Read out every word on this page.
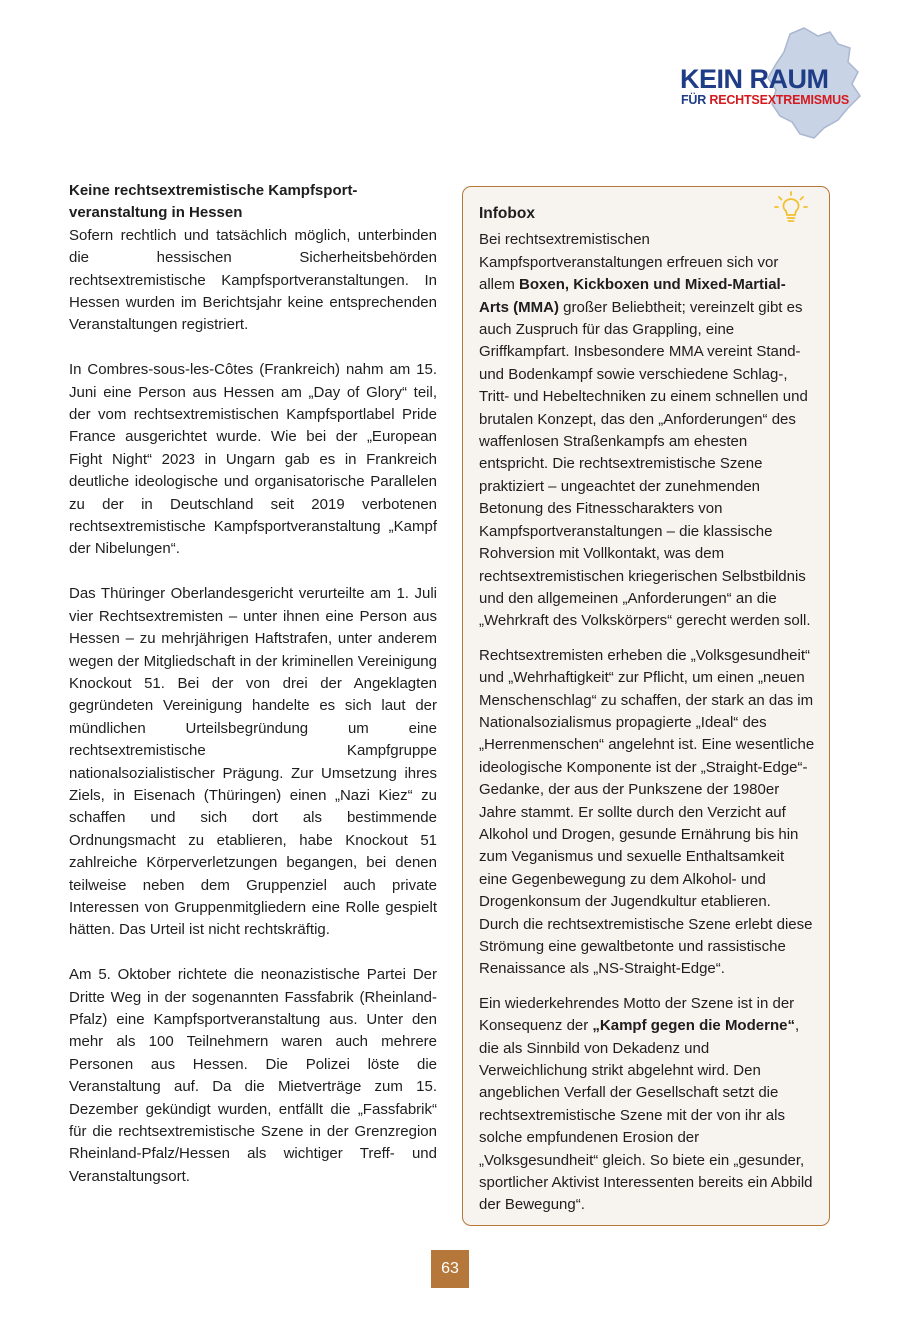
KEIN RAUM
FÜR RECHTSEXTREMISMUS
Keine rechtsextremistische Kampfsport-veranstaltung in Hessen

Sofern rechtlich und tatsächlich möglich, unterbinden die hessischen Sicherheitsbehörden rechtsextremistische Kampfsportveranstaltungen. In Hessen wurden im Berichtsjahr keine entsprechenden Veranstaltungen registriert.

In Combres-sous-les-Côtes (Frankreich) nahm am 15. Juni eine Person aus Hessen am „Day of Glory“ teil, der vom rechtsextremistischen Kampfsportlabel Pride France ausgerichtet wurde. Wie bei der „European Fight Night“ 2023 in Ungarn gab es in Frankreich deutliche ideologische und organisatorische Parallelen zu der in Deutschland seit 2019 verbotenen rechtsextremistische Kampfsportveranstaltung „Kampf der Nibelungen“.

Das Thüringer Oberlandesgericht verurteilte am 1. Juli vier Rechtsextremisten – unter ihnen eine Person aus Hessen – zu mehrjährigen Haftstrafen, unter anderem wegen der Mitgliedschaft in der kriminellen Vereinigung Knockout 51. Bei der von drei der Angeklagten gegründeten Vereinigung handelte es sich laut der mündlichen Urteilsbegründung um eine rechtsextremistische Kampfgruppe nationalsozialistischer Prägung. Zur Umsetzung ihres Ziels, in Eisenach (Thüringen) einen „Nazi Kiez“ zu schaffen und sich dort als bestimmende Ordnungsmacht zu etablieren, habe Knockout 51 zahlreiche Körperverletzungen begangen, bei denen teilweise neben dem Gruppenziel auch private Interessen von Gruppenmitgliedern eine Rolle gespielt hätten. Das Urteil ist nicht rechtskräftig.

Am 5. Oktober richtete die neonazistische Partei Der Dritte Weg in der sogenannten Fassfabrik (Rheinland-Pfalz) eine Kampfsportveranstaltung aus. Unter den mehr als 100 Teilnehmern waren auch mehrere Personen aus Hessen. Die Polizei löste die Veranstaltung auf. Da die Mietverträge zum 15. Dezember gekündigt wurden, entfällt die „Fassfabrik“ für die rechtsextremistische Szene in der Grenzregion Rheinland-Pfalz/Hessen als wichtiger Treff- und Veranstaltungsort.

Infobox

Bei rechtsextremistischen Kampfsportveranstaltungen erfreuen sich vor allem Boxen, Kickboxen und Mixed-Martial-Arts (MMA) großer Beliebtheit; vereinzelt gibt es auch Zuspruch für das Grappling, eine Griffkampfart. Insbesondere MMA vereint Stand- und Bodenkampf sowie verschiedene Schlag-, Tritt- und Hebeltechniken zu einem schnellen und brutalen Konzept, das den „Anforderungen“ des waffenlosen Straßenkampfs am ehesten entspricht. Die rechtsextremistische Szene praktiziert – ungeachtet der zunehmenden Betonung des Fitnesscharakters von Kampfsportveranstaltungen – die klassische Rohversion mit Vollkontakt, was dem rechtsextremistischen kriegerischen Selbstbildnis und den allgemeinen „Anforderungen“ an die „Wehrkraft des Volkskörpers“ gerecht werden soll.

Rechtsextremisten erheben die „Volksgesundheit“ und „Wehrhaftigkeit“ zur Pflicht, um einen „neuen Menschenschlag“ zu schaffen, der stark an das im Nationalsozialismus propagierte „Ideal“ des „Herrenmenschen“ angelehnt ist. Eine wesentliche ideologische Komponente ist der „Straight-Edge“-Gedanke, der aus der Punkszene der 1980er Jahre stammt. Er sollte durch den Verzicht auf Alkohol und Drogen, gesunde Ernährung bis hin zum Veganismus und sexuelle Enthaltsamkeit eine Gegenbewegung zu dem Alkohol- und Drogenkonsum der Jugendkultur etablieren. Durch die rechtsextremistische Szene erlebt diese Strömung eine gewaltbetonte und rassistische Renaissance als „NS-Straight-Edge“.

Ein wiederkehrendes Motto der Szene ist in der Konsequenz der „Kampf gegen die Moderne“, die als Sinnbild von Dekadenz und Verweichlichung strikt abgelehnt wird. Den angeblichen Verfall der Gesellschaft setzt die rechtsextremistische Szene mit der von ihr als solche empfundenen Erosion der „Volksgesundheit“ gleich. So biete ein „gesunder, sportlicher Aktivist Interessenten bereits ein Abbild der Bewegung“.

63
